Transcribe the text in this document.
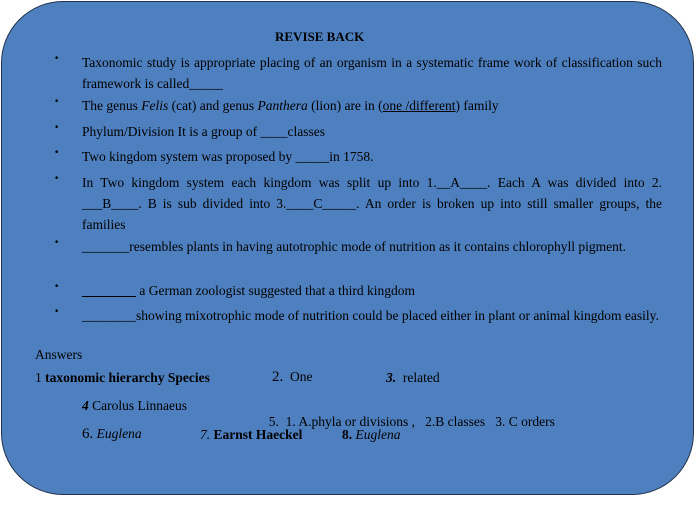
REVISE BACK
• Taxonomic study is appropriate placing of an organism in a systematic frame work of classification such framework is called_____
• The genus Felis (cat) and genus Panthera (lion) are in (one /different) family
• Phylum/Division It is a group of ____classes
• Two kingdom system was proposed by _____in 1758.
• In Two kingdom system each kingdom was split up into 1.__A____. Each A was divided into 2. ___B____. B is sub divided into 3.____C_____. An order is broken up into still smaller groups, the families
• _______resembles plants in having autotrophic mode of nutrition as it contains chlorophyll pigment.
• ________ a German zoologist suggested that a third kingdom
• ________showing mixotrophic mode of nutrition could be placed either in plant or animal kingdom easily.
Answers
1 taxonomic hierarchy Species	2. One	3. related
4 Carolus Linnaeus

5. 1. A.phyla or divisions ,   2.B classes   3. C orders

6. Euglena	7. Earnst Haeckel	8. Euglena
